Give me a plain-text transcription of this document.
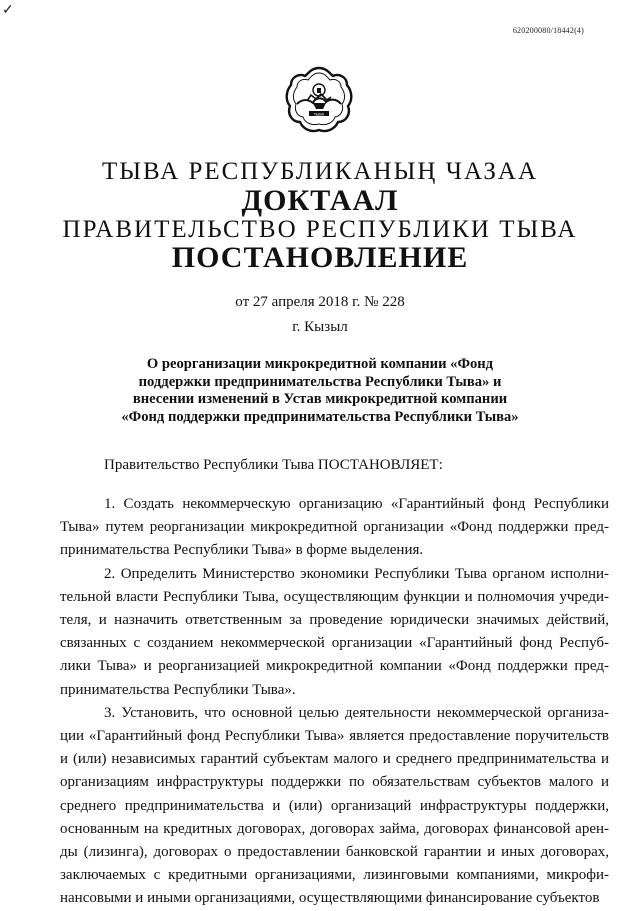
✓
620200080/18442(4)
ТЫВА
ТЫВА РЕСПУБЛИКАНЫҢ ЧАЗАА
ДОКТААЛ
ПРАВИТЕЛЬСТВО РЕСПУБЛИКИ ТЫВА
ПОСТАНОВЛЕНИЕ
от 27 апреля 2018 г. № 228
г. Кызыл
О реорганизации микрокредитной компании «Фонд поддержки предпринимательства Республики Тыва» и внесении изменений в Устав микрокредитной компании «Фонд поддержки предпринимательства Республики Тыва»
Правительство Республики Тыва ПОСТАНОВЛЯЕТ:

1. Создать некоммерческую организацию «Гарантийный фонд Республики Тыва» путем реорганизации микрокредитной организации «Фонд поддержки пред-принимательства Республики Тыва» в форме выделения.

2. Определить Министерство экономики Республики Тыва органом исполни-тельной власти Республики Тыва, осуществляющим функции и полномочия учреди-теля, и назначить ответственным за проведение юридически значимых действий, связанных с созданием некоммерческой организации «Гарантийный фонд Респуб-лики Тыва» и реорганизацией микрокредитной компании «Фонд поддержки пред-принимательства Республики Тыва».

3. Установить, что основной целью деятельности некоммерческой организа-ции «Гарантийный фонд Республики Тыва» является предоставление поручительств и (или) независимых гарантий субъектам малого и среднего предпринимательства и организациям инфраструктуры поддержки по обязательствам субъектов малого и среднего предпринимательства и (или) организаций инфраструктуры поддержки, основанным на кредитных договорах, договорах займа, договорах финансовой арен-ды (лизинга), договорах о предоставлении банковской гарантии и иных договорах, заключаемых с кредитными организациями, лизинговыми компаниями, микрофи-нансовыми и иными организациями, осуществляющими финансирование субъектов
